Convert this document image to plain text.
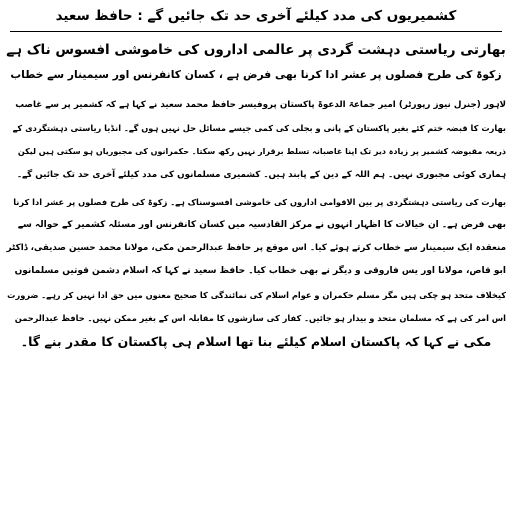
کشمیریوں کی مدد کیلئے آخری حد تک جائیں گے : حافظ سعید
بھارتی ریاستی دہشت گردی پر عالمی اداروں کی خاموشی افسوس ناک ہے
زکوۃ کی طرح فصلوں پر عشر ادا کرنا بھی فرض ہے ، کسان کانفرنس اور سیمینار سے خطاب
لاہور (جنرل نیوز رپورٹر) امیر جماعۃ الدعوۃ پاکستان پروفیسر حافظ محمد سعید نے کہا ہے کہ کشمیر پر سے غاصب
بھارت کا قبضہ ختم کئے بغیر پاکستان کے پانی و بجلی کی کمی جیسے مسائل حل نہیں ہوں گے۔ انڈیا ریاستی دہشتگردی کے
ذریعہ مقبوضہ کشمیر پر زیادہ دیر تک اپنا غاصبانہ تسلط برقرار نہیں رکھ سکتا۔ حکمرانوں کی مجبوریاں ہو سکتی ہیں لیکن
ہماری کوئی مجبوری نہیں۔ ہم اللہ کے دین کے پابند ہیں۔ کشمیری مسلمانوں کی مدد کیلئے آخری حد تک جائیں گے۔
بھارت کی ریاستی دہشتگردی پر بین الاقوامی اداروں کی خاموشی افسوسناک ہے۔ زکوۃ کی طرح فصلوں پر عشر ادا کرنا
بھی فرض ہے۔ ان خیالات کا اظہار انہوں نے مرکز القادسیہ میں کسان کانفرنس اور مسئلہ کشمیر کے حوالہ سے
منعقدہ ایک سیمینار سے خطاب کرتے ہوئے کیا۔ اس موقع پر حافظ عبدالرحمن مکی، مولانا محمد حسین صدیقی، ڈاکٹر
ابو قاص، مولانا اور یس فاروقی و دیگر نے بھی خطاب کیا۔ حافظ سعید نے کہا کہ اسلام دشمن قوتیں مسلمانوں
کیخلاف متحد ہو چکی ہیں مگر مسلم حکمران و عوام اسلام کی نمائندگی کا صحیح معنوں میں حق ادا نہیں کر رہے۔ ضرورت
اس امر کی ہے کہ مسلمان متحد و بیدار ہو جائیں۔ کفار کی سازشوں کا مقابلہ اس کے بغیر ممکن نہیں۔ حافظ عبدالرحمن
مکی نے کہا کہ پاکستان اسلام کیلئے بنا تھا اسلام ہی پاکستان کا مقدر بنے گا۔
